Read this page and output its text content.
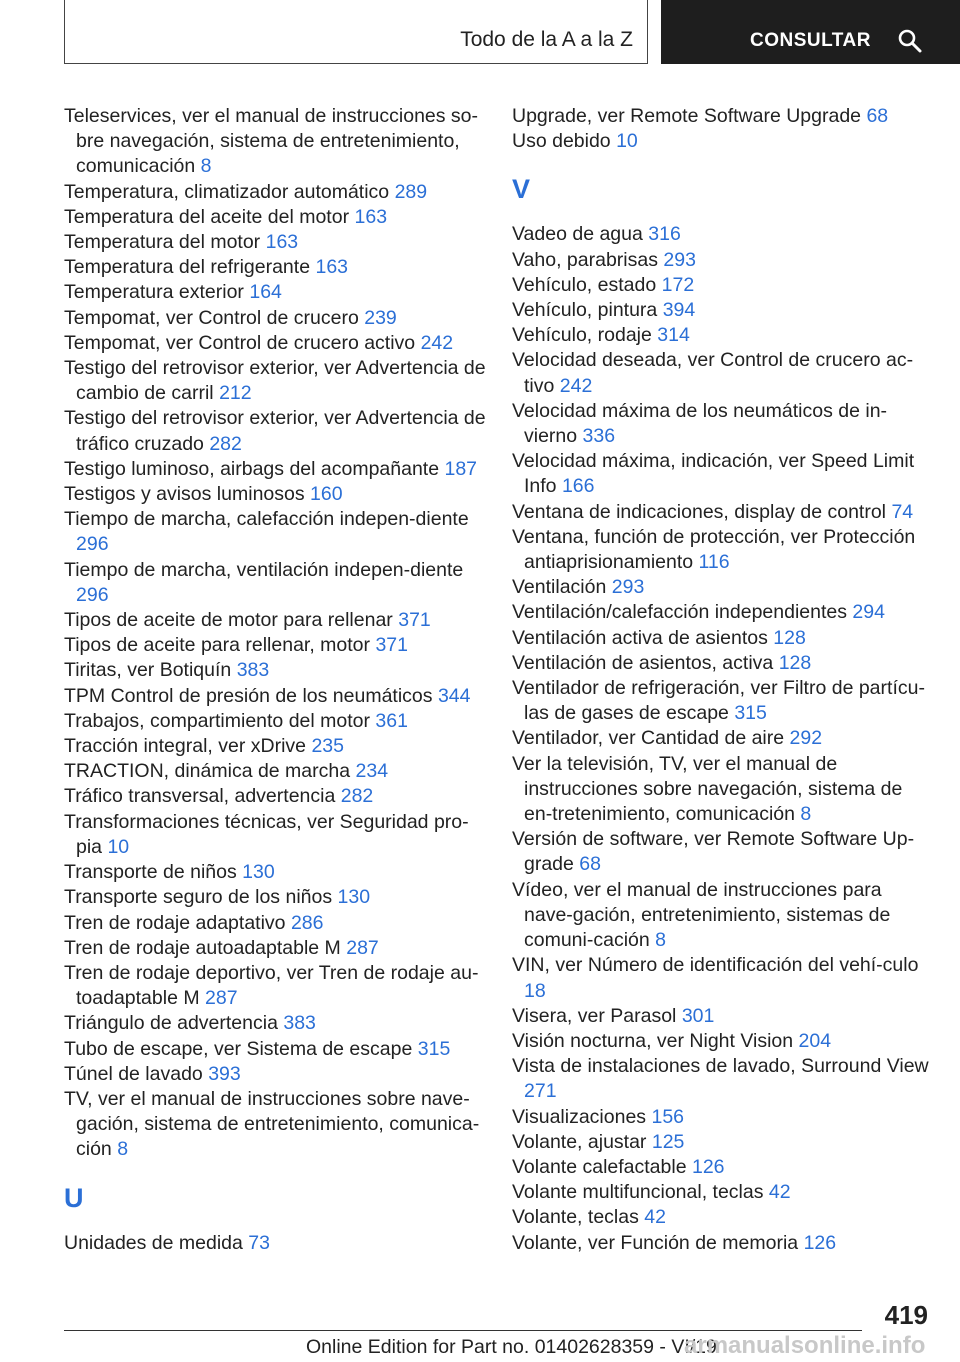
Todo de la A a la Z	CONSULTAR
Teleservices, ver el manual de instrucciones so-bre navegación, sistema de entretenimiento, comunicación 8
Temperatura, climatizador automático 289
Temperatura del aceite del motor 163
Temperatura del motor 163
Temperatura del refrigerante 163
Temperatura exterior 164
Tempomat, ver Control de crucero 239
Tempomat, ver Control de crucero activo 242
Testigo del retrovisor exterior, ver Advertencia de cambio de carril 212
Testigo del retrovisor exterior, ver Advertencia de tráfico cruzado 282
Testigo luminoso, airbags del acompañante 187
Testigos y avisos luminosos 160
Tiempo de marcha, calefacción indepen-diente 296
Tiempo de marcha, ventilación indepen-diente 296
Tipos de aceite de motor para rellenar 371
Tipos de aceite para rellenar, motor 371
Tiritas, ver Botiquín 383
TPM Control de presión de los neumáticos 344
Trabajos, compartimiento del motor 361
Tracción integral, ver xDrive 235
TRACTION, dinámica de marcha 234
Tráfico transversal, advertencia 282
Transformaciones técnicas, ver Seguridad pro-pia 10
Transporte de niños 130
Transporte seguro de los niños 130
Tren de rodaje adaptativo 286
Tren de rodaje autoadaptable M 287
Tren de rodaje deportivo, ver Tren de rodaje au-toadaptable M 287
Triángulo de advertencia 383
Tubo de escape, ver Sistema de escape 315
Túnel de lavado 393
TV, ver el manual de instrucciones sobre nave-gación, sistema de entretenimiento, comunica-ción 8
U
Unidades de medida 73
Upgrade, ver Remote Software Upgrade 68
Uso debido 10
V
Vadeo de agua 316
Vaho, parabrisas 293
Vehículo, estado 172
Vehículo, pintura 394
Vehículo, rodaje 314
Velocidad deseada, ver Control de crucero ac-tivo 242
Velocidad máxima de los neumáticos de in-vierno 336
Velocidad máxima, indicación, ver Speed Limit Info 166
Ventana de indicaciones, display de control 74
Ventana, función de protección, ver Protección antiaprisionamiento 116
Ventilación 293
Ventilación/calefacción independientes 294
Ventilación activa de asientos 128
Ventilación de asientos, activa 128
Ventilador de refrigeración, ver Filtro de partícu-las de gases de escape 315
Ventilador, ver Cantidad de aire 292
Ver la televisión, TV, ver el manual de instrucciones sobre navegación, sistema de en-tretenimiento, comunicación 8
Versión de software, ver Remote Software Up-grade 68
Vídeo, ver el manual de instrucciones para nave-gación, entretenimiento, sistemas de comuni-cación 8
VIN, ver Número de identificación del vehí-culo 18
Visera, ver Parasol 301
Visión nocturna, ver Night Vision 204
Vista de instalaciones de lavado, Surround View 271
Visualizaciones 156
Volante, ajustar 125
Volante calefactable 126
Volante multifuncional, teclas 42
Volante, teclas 42
Volante, ver Función de memoria 126
419
Online Edition for Part no. 01402628359 - VI/19
armanualsonline.info
